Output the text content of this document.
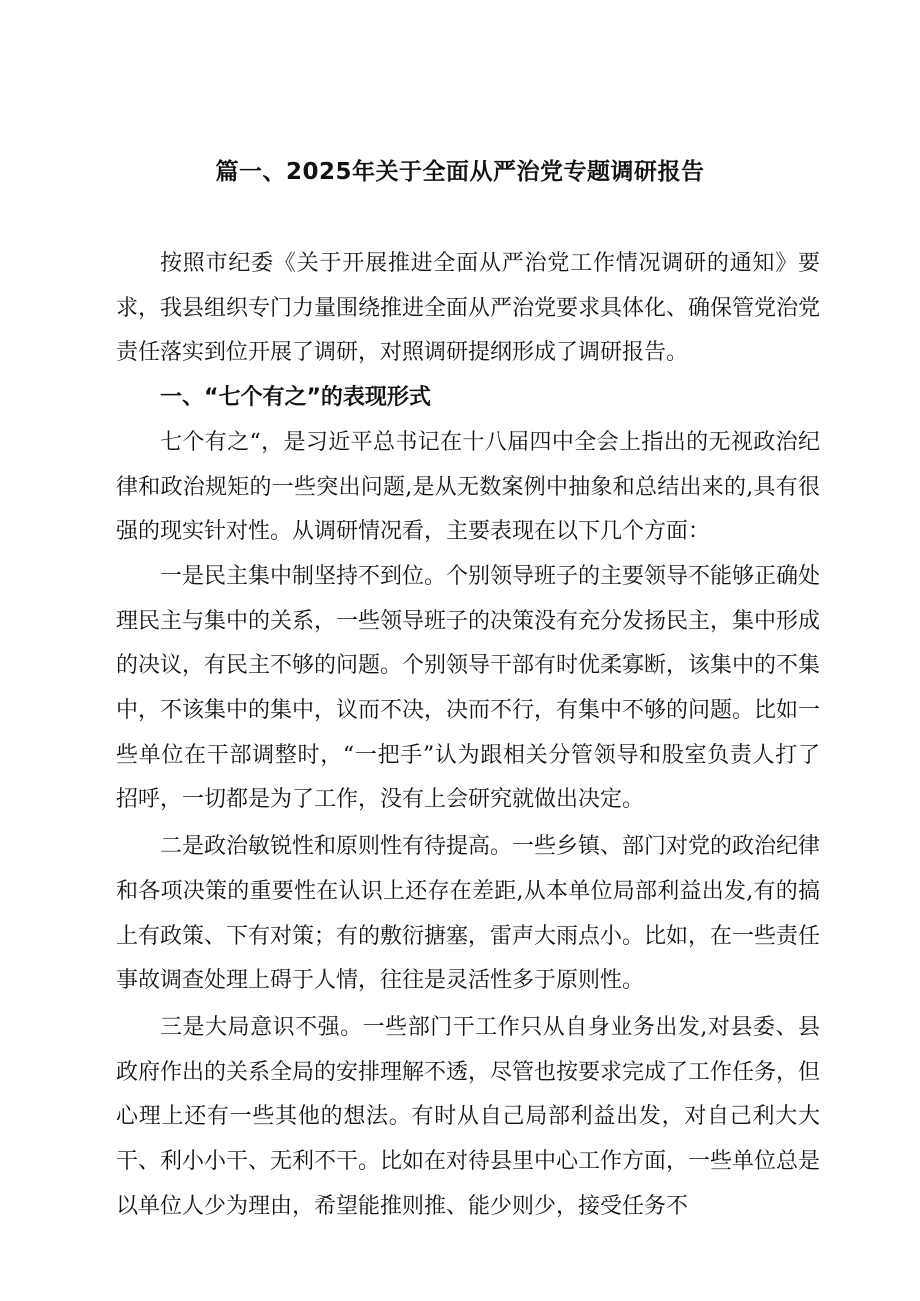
篇一、2025年关于全面从严治党专题调研报告

按照市纪委《关于开展推进全面从严治党工作情况调研的通知》要求，我县组织专门力量围绕推进全面从严治党要求具体化、确保管党治党责任落实到位开展了调研，对照调研提纲形成了调研报告。

一、“七个有之”的表现形式

七个有之“，是习近平总书记在十八届四中全会上指出的无视政治纪律和政治规矩的一些突出问题,是从无数案例中抽象和总结出来的,具有很强的现实针对性。从调研情况看，主要表现在以下几个方面：

一是民主集中制坚持不到位。个别领导班子的主要领导不能够正确处理民主与集中的关系，一些领导班子的决策没有充分发扬民主，集中形成的决议，有民主不够的问题。个别领导干部有时优柔寡断，该集中的不集中，不该集中的集中，议而不决，决而不行，有集中不够的问题。比如一些单位在干部调整时，“一把手”认为跟相关分管领导和股室负责人打了招呼，一切都是为了工作，没有上会研究就做出决定。

二是政治敏锐性和原则性有待提高。一些乡镇、部门对党的政治纪律和各项决策的重要性在认识上还存在差距,从本单位局部利益出发,有的搞上有政策、下有对策；有的敷衍搪塞，雷声大雨点小。比如，在一些责任事故调查处理上碍于人情，往往是灵活性多于原则性。

三是大局意识不强。一些部门干工作只从自身业务出发,对县委、县政府作出的关系全局的安排理解不透，尽管也按要求完成了工作任务，但心理上还有一些其他的想法。有时从自己局部利益出发，对自己利大大干、利小小干、无利不干。比如在对待县里中心工作方面，一些单位总是以单位人少为理由，希望能推则推、能少则少，接受任务不
